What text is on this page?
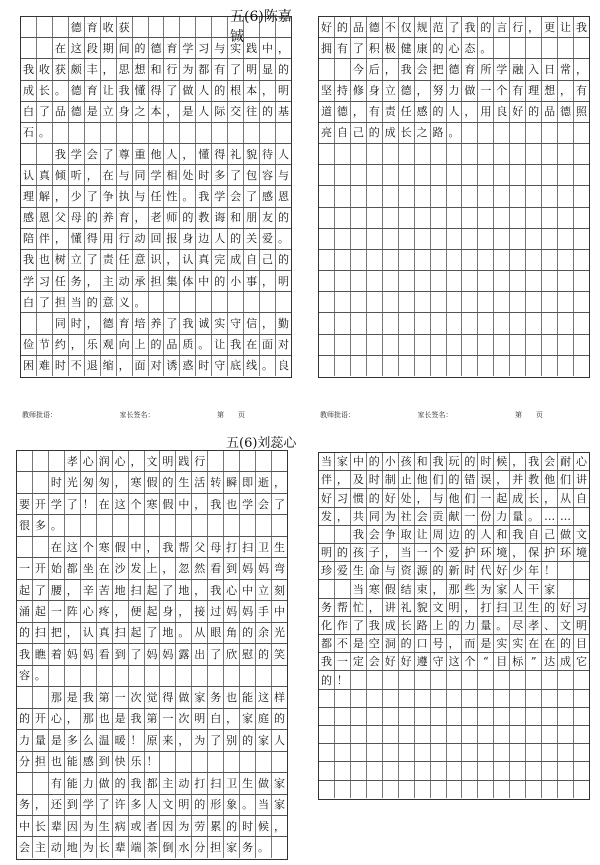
德 育 收 获
在 这 段 期 间 的 德 育 学 习 与 实 践 中 ，
我 收 获 颇 丰 ， 思 想 和 行 为 都 有 了 明 显 的
成 长 。 德 育 让 我 懂 得 了 做 人 的 根 本 ， 明
白 了 品 德 是 立 身 之 本 ， 是 人 际 交 往 的 基
石 。
我 学 会 了 尊 重 他 人 ， 懂 得 礼 貌 待 人
认 真 倾 听 ， 在 与 同 学 相 处 时 多 了 包 容 与
理 解 ， 少 了 争 执 与 任 性 。 我 学 会 了 感 恩
感 恩 父 母 的 养 育 ， 老 师 的 教 诲 和 朋 友 的
陪 伴 ， 懂 得 用 行 动 回 报 身 边 人 的 关 爱 。
我 也 树 立 了 责 任 意 识 ， 认 真 完 成 自 己 的
学 习 任 务 ， 主 动 承 担 集 体 中 的 小 事 ， 明
白 了 担 当 的 意 义 。
同 时 ， 德 育 培 养 了 我 诚 实 守 信 ， 勤
俭 节 约 ， 乐 观 向 上 的 品 质 。 让 我 在 面 对
困 难 时 不 退 缩 ， 面 对 诱 惑 时 守 底 线 。 良
五(6)陈嘉铖
教师批语：	家长签名：	第　　页
好 的 品 德 不 仅 规 范 了 我 的 言 行 ， 更 让 我
拥 有 了 积 极 健 康 的 心 态 。
今 后 ， 我 会 把 德 育 所 学 融 入 日 常 ，
坚 持 修 身 立 德 ， 努 力 做 一 个 有 理 想 ， 有
道 德 ， 有 责 任 感 的 人 ， 用 良 好 的 品 德 照
亮 自 己 的 成 长 之 路 。
教师批语：	家长签名：	第　　页
五(6)刘蕊心
孝 心 润 心 ， 文 明 践 行
时 光 匆 匆 ， 寒 假 的 生 活 转 瞬 即 逝 ，
要 开 学 了 ！ 在 这 个 寒 假 中 ， 我 也 学 会 了
很 多 。
在 这 个 寒 假 中 ， 我 帮 父 母 打 扫 卫 生
一 开 始 都 坐 在 沙 发 上 ， 忽 然 看 到 妈 妈 弯
起 了 腰 ， 辛 苦 地 扫 起 了 地 ， 我 心 中 立 刻
涌 起 一 阵 心 疼 ， 便 起 身 ， 接 过 妈 妈 手 中
的 扫 把 ， 认 真 扫 起 了 地 。 从 眼 角 的 余 光
我 瞧 着 妈 妈 看 到 了 妈 妈 露 出 了 欣 慰 的 笑
容 。
那 是 我 第 一 次 觉 得 做 家 务 也 能 这 样
的 开 心 ， 那 也 是 我 第 一 次 明 白 ， 家 庭 的
力 量 是 多 么 温 暖 ！ 原 来 ， 为 了 别 的 家 人
分 担 也 能 感 到 快 乐 ！
有 能 力 做 的 我 都 主 动 打 扫 卫 生 做 家
务 ， 还 到 学 了 许 多 人 文 明 的 形 象 。 当 家
中 长 辈 因 为 生 病 或 者 因 为 劳 累 的 时 候 ，
会 主 动 地 为 长 辈 端 茶 倒 水 分 担 家 务 。
当 家 中 的 小 孩 和 我 玩 的 时 候 ， 我 会 耐 心
伴 ， 及 时 制 止 他 们 的 错 误 ， 并 教 他 们 讲
好 习 惯 的 好 处 ， 与 他 们 一 起 成 长 ， 从 自
发 ， 共 同 为 社 会 贡 献 一 份 力 量 。 … …
我 会 争 取 让 周 边 的 人 和 我 自 己 做 文
明 的 孩 子 ， 当 一 个 爱 护 环 境 ， 保 护 环 境
珍 爱 生 命 与 资 源 的 新 时 代 好 少 年 ！
当 寒 假 结 束 ， 那 些 为 家 人 干 家
务 帮 忙 ， 讲 礼 貌 文 明 ， 打 扫 卫 生 的 好 习
化 作 了 我 成 长 路 上 的 力 量 。 尽 孝 、 文 明
都 不 是 空 洞 的 口 号 ， 而 是 实 实 在 在 的 目
我 一 定 会 好 好 遵 守 这 个 “ 目 标 ” 达 成 它
的 ！
